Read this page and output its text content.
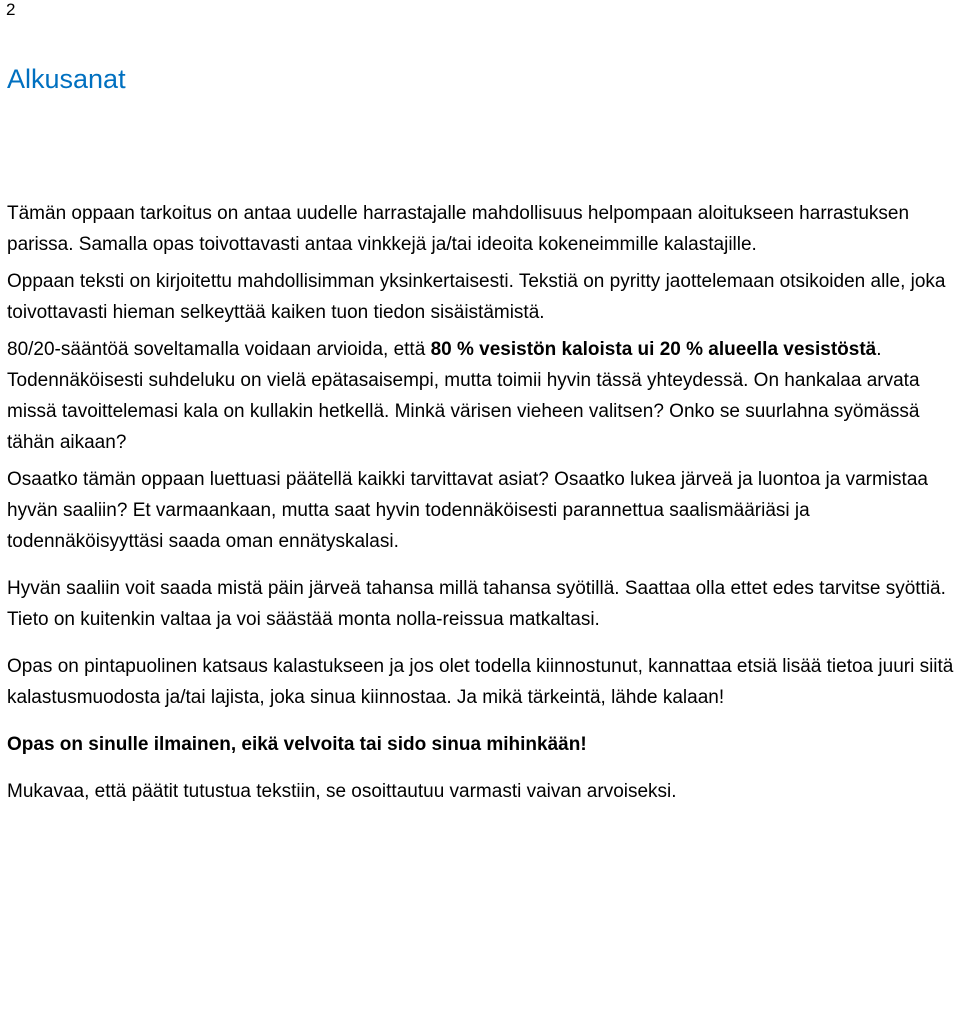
2
Alkusanat

Tämän oppaan tarkoitus on antaa uudelle harrastajalle mahdollisuus helpompaan aloitukseen harrastuksen parissa. Samalla opas toivottavasti antaa vinkkejä ja/tai ideoita kokeneimmille kalastajille.

Oppaan teksti on kirjoitettu mahdollisimman yksinkertaisesti. Tekstiä on pyritty jaottelemaan otsikoiden alle, joka toivottavasti hieman selkeyttää kaiken tuon tiedon sisäistämistä.

80/20-sääntöä soveltamalla voidaan arvioida, että 80 % vesistön kaloista ui 20 % alueella vesistöstä. Todennäköisesti suhdeluku on vielä epätasaisempi, mutta toimii hyvin tässä yhteydessä. On hankalaa arvata missä tavoittelemasi kala on kullakin hetkellä. Minkä värisen vieheen valitsen? Onko se suurlahna syömässä tähän aikaan?

Osaatko tämän oppaan luettuasi päätellä kaikki tarvittavat asiat? Osaatko lukea järveä ja luontoa ja varmistaa hyvän saaliin? Et varmaankaan, mutta saat hyvin todennäköisesti parannettua saalismääriäsi ja todennäköisyyttäsi saada oman ennätyskalasi.

Hyvän saaliin voit saada mistä päin järveä tahansa millä tahansa syötillä. Saattaa olla ettet edes tarvitse syöttiä. Tieto on kuitenkin valtaa ja voi säästää monta nolla-reissua matkaltasi.

Opas on pintapuolinen katsaus kalastukseen ja jos olet todella kiinnostunut, kannattaa etsiä lisää tietoa juuri siitä kalastusmuodosta ja/tai lajista, joka sinua kiinnostaa. Ja mikä tärkeintä, lähde kalaan!

Opas on sinulle ilmainen, eikä velvoita tai sido sinua mihinkään!

Mukavaa, että päätit tutustua tekstiin, se osoittautuu varmasti vaivan arvoiseksi.
